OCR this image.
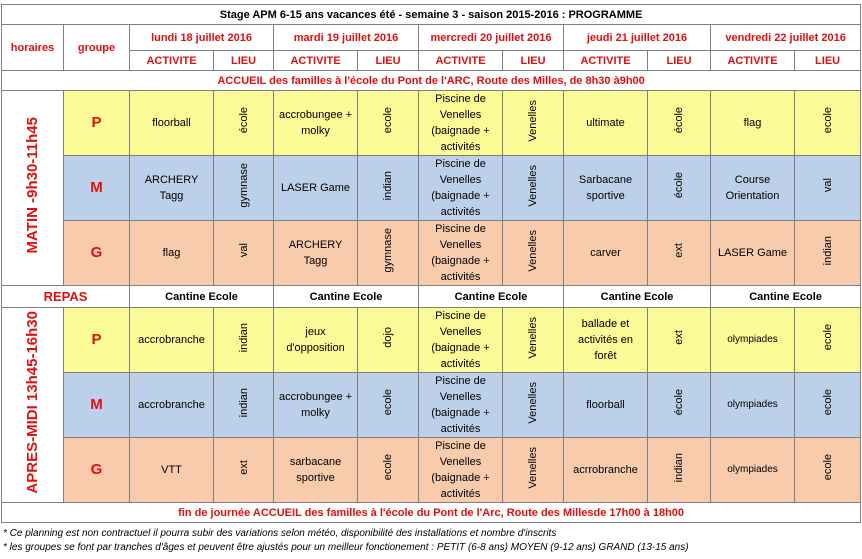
Stage APM 6-15 ans vacances été - semaine 3 - saison 2015-2016 : PROGRAMME											
horaires	groupe	lundi 18 juillet 2016		mardi 19 juillet 2016		mercredi 20 juillet 2016		jeudi 21 juillet 2016		vendredi 22 juillet 2016	
		ACTIVITE	LIEU	ACTIVITE	LIEU	ACTIVITE	LIEU	ACTIVITE	LIEU	ACTIVITE	LIEU
ACCUEIL des familles à l'école du Pont de l'ARC, Route des Milles, de 8h30 à9h00											
MATIN -9h30-11h45	P	floorball	école	accrobungee + molky	ecole	Piscine de Venelles (baignade + activités	Venelles	ultimate	école	flag	ecole
	M	ARCHERY Tagg	gymnase	LASER Game	indian	Piscine de Venelles (baignade + activités	Venelles	Sarbacane sportive	école	Course Orientation	val
	G	flag	val	ARCHERY Tagg	gymnase	Piscine de Venelles (baignade + activités	Venelles	carver	ext	LASER Game	indian
REPAS		Cantine Ecole		Cantine Ecole		Cantine Ecole		Cantine Ecole		Cantine Ecole	
APRES-MIDI 13h45-16h30	P	accrobranche	indian	jeux d'opposition	dojo	Piscine de Venelles (baignade + activités	Venelles	ballade et activités en forêt	ext	olympiades	ecole
	M	accrobranche	indian	accrobungee + molky	ecole	Piscine de Venelles (baignade + activités	Venelles	floorball	école	olympiades	ecole
	G	VTT	ext	sarbacane sportive	ecole	Piscine de Venelles (baignade + activités	Venelles	acrrobranche	indian	olympiades	ecole
fin de journée ACCUEIL des familles à l'école du Pont de l'Arc, Route des Millesde 17h00 à 18h00											
* Ce planning est non contractuel il pourra subir des variations selon météo, disponibilité des installations et nombre d'inscrits
* les groupes se font par tranches d'âges et peuvent être ajustés pour un meilleur fonctionement : PETIT (6-8 ans) MOYEN (9-12 ans) GRAND (13-15 ans)
